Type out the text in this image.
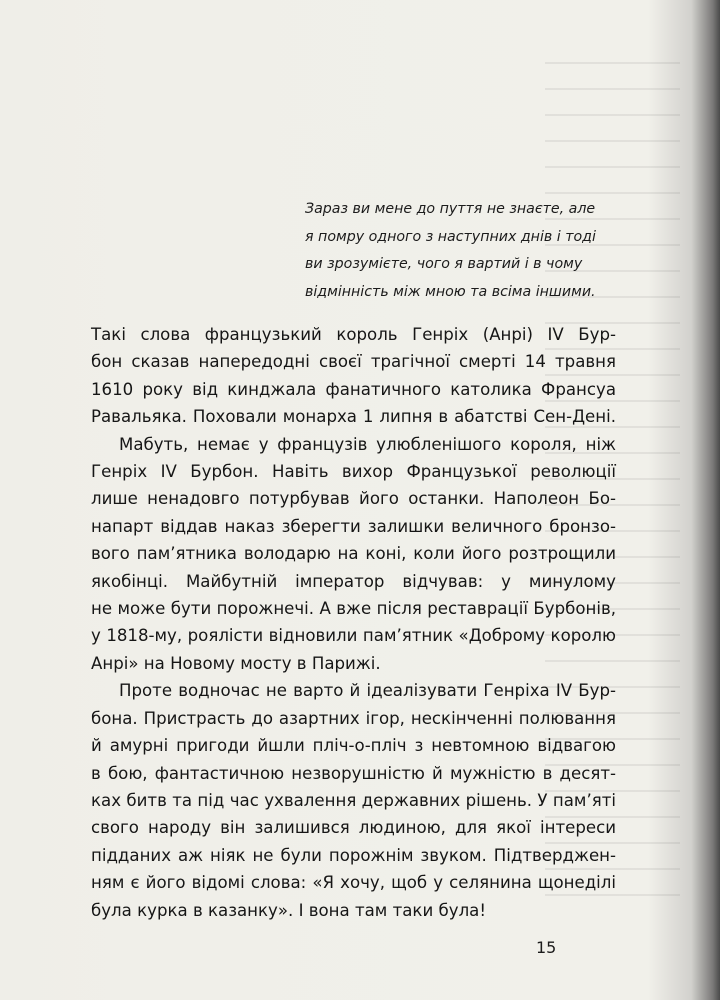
Зараз ви мене до пуття не знаєте, але
я помру одного з наступних днів і тоді
ви зрозумієте, чого я вартий і в чому
відмінність між мною та всіма іншими.
Такі слова французький король Генріх (Анрі) IV Бур-
бон сказав напередодні своєї трагічної смерті 14 травня
1610 року від кинджала фанатичного католика Франсуа
Равальяка. Поховали монарха 1 липня в абатстві Сен-Дені.
Мабуть, немає у французів улюбленішого короля, ніж
Генріх IV Бурбон. Навіть вихор Французької революції
лише ненадовго потурбував його останки. Наполеон Бо-
напарт віддав наказ зберегти залишки величного бронзо-
вого пам’ятника володарю на коні, коли його розтрощили
якобінці. Майбутній імператор відчував: у минулому
не може бути порожнечі. А вже після реставрації Бурбонів,
у 1818-му, роялісти відновили пам’ятник «Доброму королю
Анрі» на Новому мосту в Парижі.
Проте водночас не варто й ідеалізувати Генріха IV Бур-
бона. Пристрасть до азартних ігор, нескінченні полювання
й амурні пригоди йшли пліч-о-пліч з невтомною відвагою
в бою, фантастичною незворушністю й мужністю в десят-
ках битв та під час ухвалення державних рішень. У пам’яті
свого народу він залишився людиною, для якої інтереси
підданих аж ніяк не були порожнім звуком. Підтверджен-
ням є його відомі слова: «Я хочу, щоб у селянина щонеділі
була курка в казанку». І вона там таки була!
15
